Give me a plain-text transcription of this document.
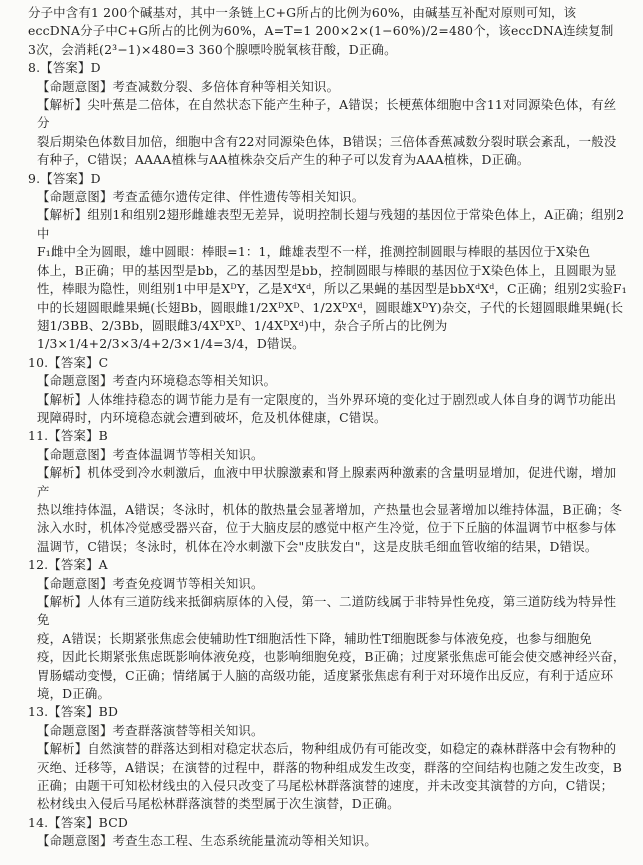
分子中含有1 200个碱基对，其中一条链上C+G所占的比例为60%，由碱基互补配对原则可知，该

eccDNA分子中C+G所占的比例为60%，A=T=1 200×2×(1−60%)/2=480个，该eccDNA连续复制

3次，会消耗(2³−1)×480=3 360个腺嘌呤脱氧核苷酸，D正确。

8.【答案】D

【命题意图】考查减数分裂、多倍体育种等相关知识。

【解析】尖叶蕉是二倍体，在自然状态下能产生种子，A错误；长梗蕉体细胞中含11对同源染色体，有丝分

裂后期染色体数目加倍，细胞中含有22对同源染色体，B错误；三倍体香蕉减数分裂时联会紊乱，一般没

有种子，C错误；AAAA植株与AA植株杂交后产生的种子可以发育为AAA植株，D正确。

9.【答案】D

【命题意图】考查孟德尔遗传定律、伴性遗传等相关知识。

【解析】组别1和组别2翅形雌雄表型无差异，说明控制长翅与残翅的基因位于常染色体上，A正确；组别2中

F₁雌中全为圆眼，雄中圆眼：棒眼=1：1，雌雄表型不一样，推测控制圆眼与棒眼的基因位于X染色

体上，B正确；甲的基因型是bb，乙的基因型是bb，控制圆眼与棒眼的基因位于X染色体上，且圆眼为显

性，棒眼为隐性，则组别1中甲是XᴰY，乙是XᵈXᵈ，所以乙果蝇的基因型是bbXᵈXᵈ，C正确；组别2实验F₁

中的长翅圆眼雌果蝇(长翅Bb，圆眼雌1/2XᴰXᴰ、1/2XᴰXᵈ，圆眼雄XᴰY)杂交，子代的长翅圆眼雌果蝇(长

翅1/3BB、2/3Bb，圆眼雌3/4XᴰXᴰ、1/4XᴰXᵈ)中，杂合子所占的比例为1/3×1/4+2/3×3/4+2/3×1/4=3/4，D错误。

10.【答案】C

【命题意图】考查内环境稳态等相关知识。

【解析】人体维持稳态的调节能力是有一定限度的，当外界环境的变化过于剧烈或人体自身的调节功能出

现障碍时，内环境稳态就会遭到破坏，危及机体健康，C错误。

11.【答案】B

【命题意图】考查体温调节等相关知识。

【解析】机体受到冷水刺激后，血液中甲状腺激素和肾上腺素两种激素的含量明显增加，促进代谢，增加产

热以维持体温，A错误；冬泳时，机体的散热量会显著增加，产热量也会显著增加以维持体温，B正确；冬

泳入水时，机体冷觉感受器兴奋，位于大脑皮层的感觉中枢产生冷觉，位于下丘脑的体温调节中枢参与体

温调节，C错误；冬泳时，机体在冷水刺激下会"皮肤发白"，这是皮肤毛细血管收缩的结果，D错误。

12.【答案】A

【命题意图】考查免疫调节等相关知识。

【解析】人体有三道防线来抵御病原体的入侵，第一、二道防线属于非特异性免疫，第三道防线为特异性免

疫，A错误；长期紧张焦虑会使辅助性T细胞活性下降，辅助性T细胞既参与体液免疫，也参与细胞免

疫，因此长期紧张焦虑既影响体液免疫，也影响细胞免疫，B正确；过度紧张焦虑可能会使交感神经兴奋，

胃肠蠕动变慢，C正确；情绪属于人脑的高级功能，适度紧张焦虑有利于对环境作出反应，有利于适应环

境，D正确。

13.【答案】BD

【命题意图】考查群落演替等相关知识。

【解析】自然演替的群落达到相对稳定状态后，物种组成仍有可能改变，如稳定的森林群落中会有物种的

灭绝、迁移等，A错误；在演替的过程中，群落的物种组成发生改变，群落的空间结构也随之发生改变，B

正确；由题干可知松材线虫的入侵只改变了马尾松林群落演替的速度，并未改变其演替的方向，C错误；

松材线虫入侵后马尾松林群落演替的类型属于次生演替，D正确。

14.【答案】BCD

【命题意图】考查生态工程、生态系统能量流动等相关知识。
